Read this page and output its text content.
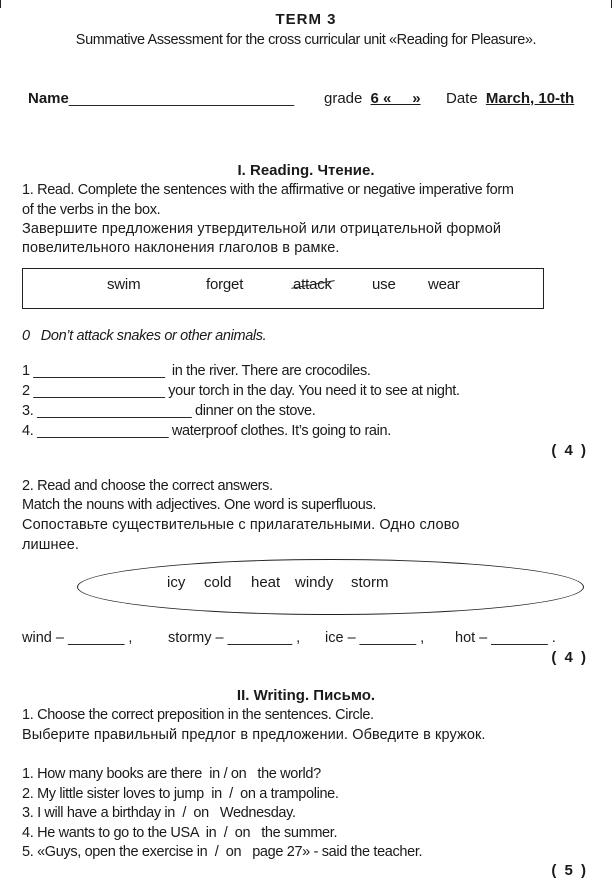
TERM 3
Summative Assessment for the cross curricular unit «Reading for Pleasure».
Name___________________________ grade 6 «     » Date March, 10-th
I. Reading. Чтение.
1. Read. Complete the sentences with the affirmative or negative imperative form
of the verbs in the box.
Завершите предложения утвердительной или отрицательной формой
повелительного наклонения глаголов в рамке.
swim	forget	attack	use wear
0   Don’t attack snakes or other animals.
1 _________________  in the river. There are crocodiles.
2 _________________ your torch in the day. You need it to see at night.
3. ____________________ dinner on the stove.
4. _________________ waterproof clothes. It’s going to rain.
( 4 )
2. Read and choose the correct answers.
Match the nouns with adjectives. One word is superfluous.
Сопоставьте существительные с прилагательными. Одно слово
лишнее.
icy cold heat windy storm
wind – _______ , stormy – ________ , ice – _______ , hot – _______ .
( 4 )
II. Writing. Письмо.
1. Choose the correct preposition in the sentences. Circle.
Выберите правильный предлог в предложении. Обведите в кружок.
1. How many books are there  in / on   the world?
2. My little sister loves to jump  in  /  on a trampoline.
3. I will have a birthday in  /  on   Wednesday.
4. He wants to go to the USA  in  /  on   the summer.
5. «Guys, open the exercise in  /  on   page 27» - said the teacher.
( 5 )
